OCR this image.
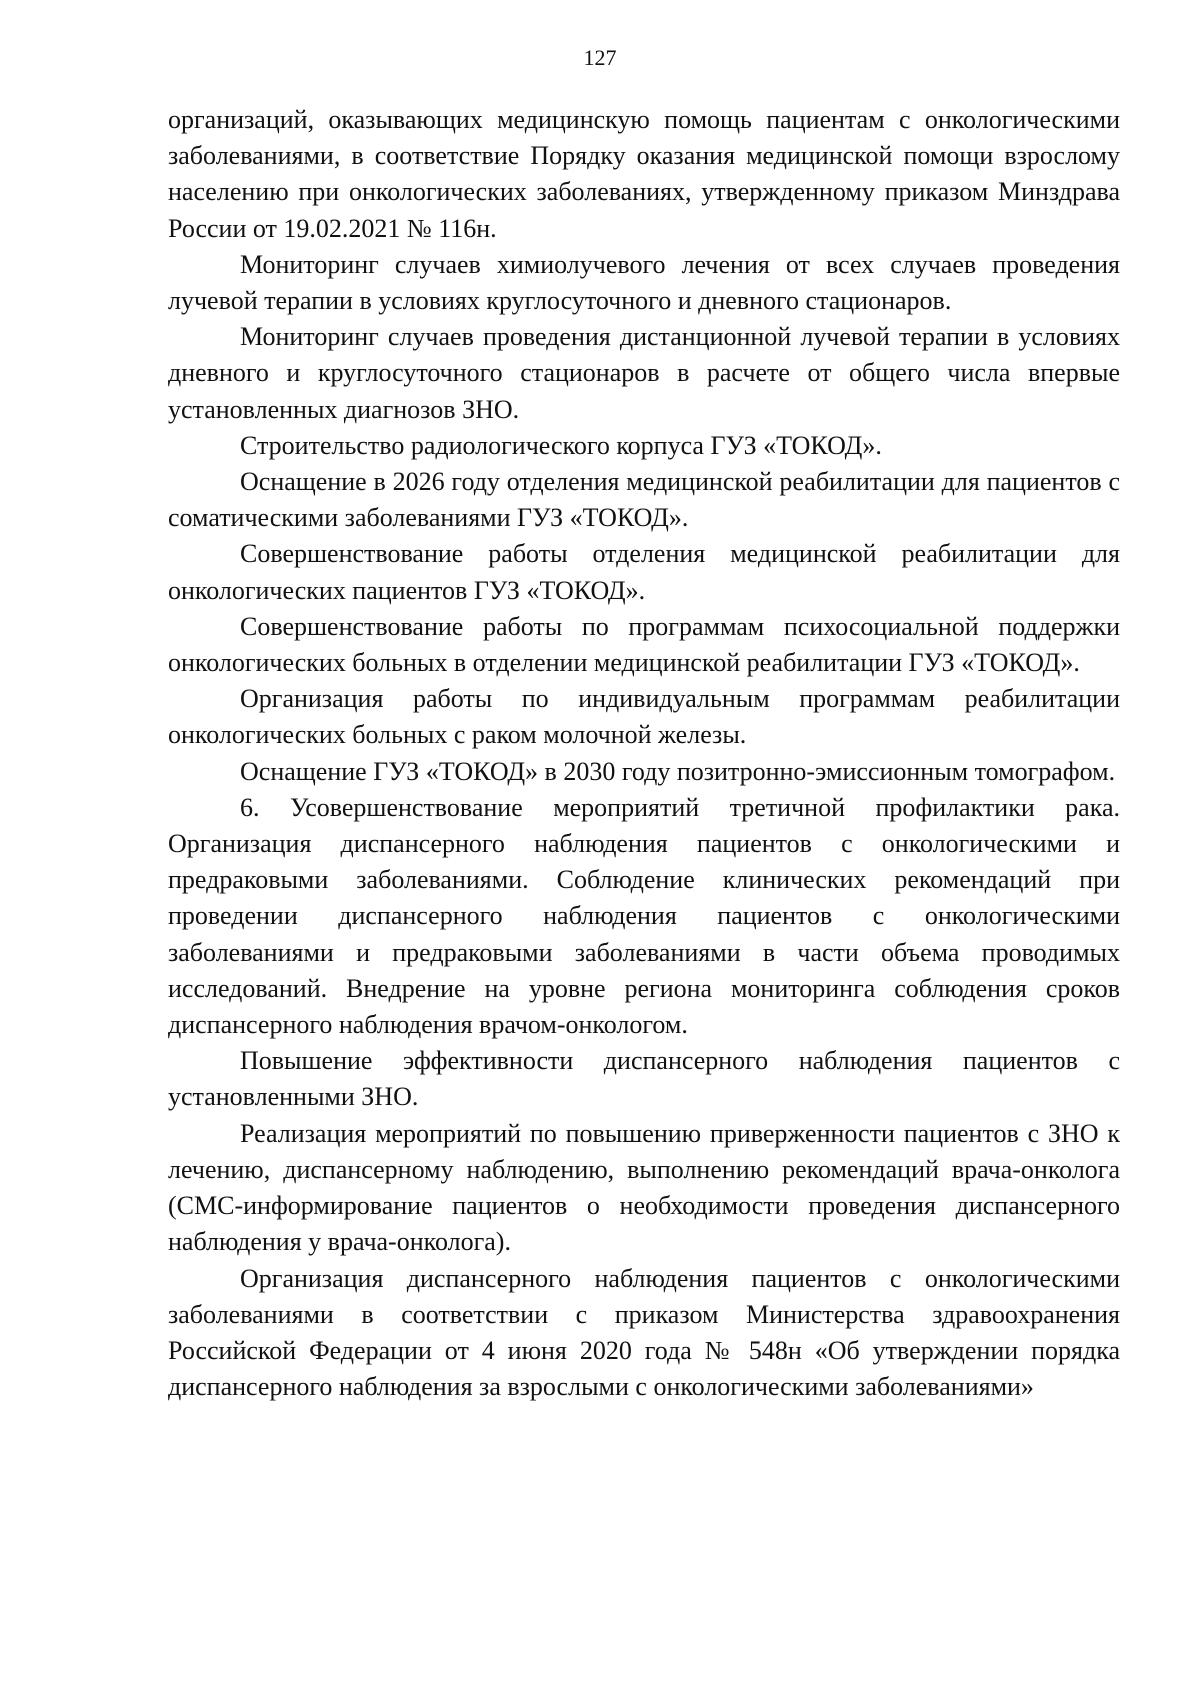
127

организаций, оказывающих медицинскую помощь пациентам с онкологическими заболеваниями, в соответствие Порядку оказания медицинской помощи взрослому населению при онкологических заболеваниях, утвержденному приказом Минздрава России от 19.02.2021 № 116н.

Мониторинг случаев химиолучевого лечения от всех случаев проведения лучевой терапии в условиях круглосуточного и дневного стационаров.

Мониторинг случаев проведения дистанционной лучевой терапии в условиях дневного и круглосуточного стационаров в расчете от общего числа впервые установленных диагнозов ЗНО.

Строительство радиологического корпуса ГУЗ «ТОКОД».

Оснащение в 2026 году отделения медицинской реабилитации для пациентов с соматическими заболеваниями ГУЗ «ТОКОД».

Совершенствование работы отделения медицинской реабилитации для онкологических пациентов ГУЗ «ТОКОД».

Совершенствование работы по программам психосоциальной поддержки онкологических больных в отделении медицинской реабилитации ГУЗ «ТОКОД».

Организация работы по индивидуальным программам реабилитации онкологических больных с раком молочной железы.

Оснащение ГУЗ «ТОКОД» в 2030 году позитронно-эмиссионным томографом.

6. Усовершенствование мероприятий третичной профилактики рака. Организация диспансерного наблюдения пациентов с онкологическими и предраковыми заболеваниями. Соблюдение клинических рекомендаций при проведении диспансерного наблюдения пациентов с онкологическими заболеваниями и предраковыми заболеваниями в части объема проводимых исследований. Внедрение на уровне региона мониторинга соблюдения сроков диспансерного наблюдения врачом-онкологом.

Повышение эффективности диспансерного наблюдения пациентов с установленными ЗНО.

Реализация мероприятий по повышению приверженности пациентов с ЗНО к лечению, диспансерному наблюдению, выполнению рекомендаций врача-онколога (СМС-информирование пациентов о необходимости проведения диспансерного наблюдения у врача-онколога).

Организация диспансерного наблюдения пациентов с онкологическими заболеваниями в соответствии с приказом Министерства здравоохранения Российской Федерации от 4 июня 2020 года № 548н «Об утверждении порядка диспансерного наблюдения за взрослыми с онкологическими заболеваниями»
